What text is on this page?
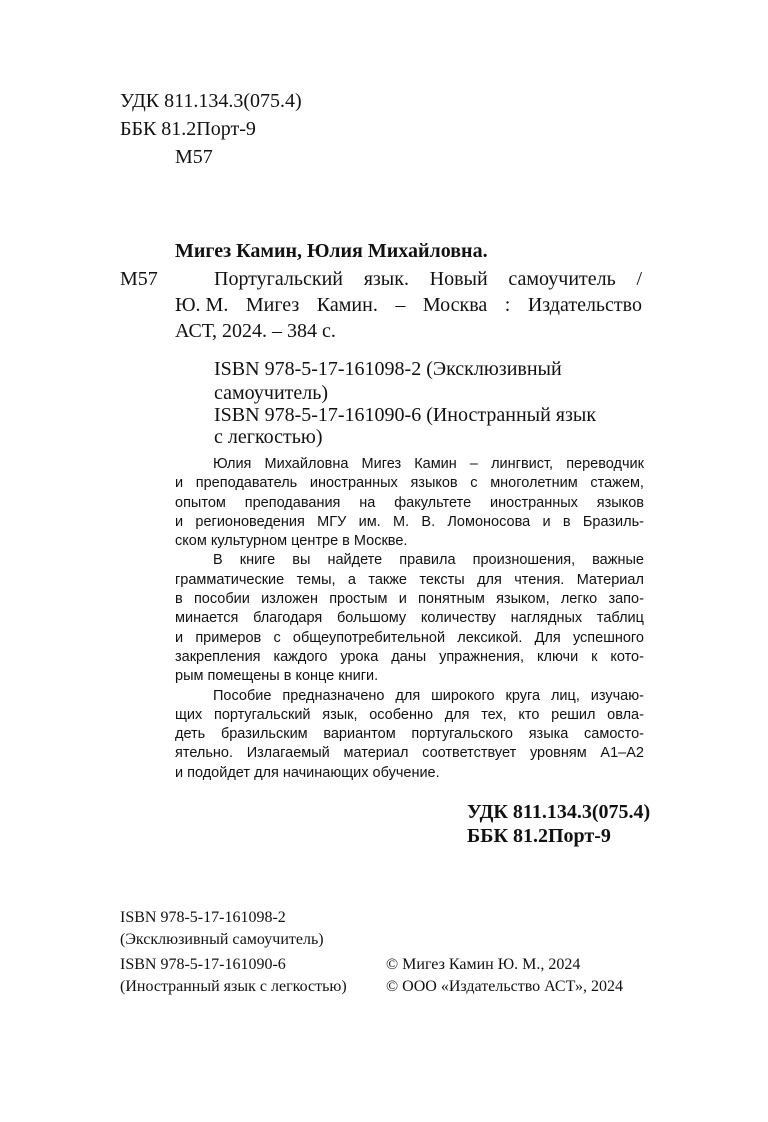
УДК 811.134.3(075.4)

ББК 81.2Порт-9

М57

Мигез Камин, Юлия Михайловна.

М57	Португальский язык. Новый самоучитель /
Ю. М. Мигез Камин. – Москва : Издательство

АСТ, 2024. – 384 с.

ISBN 978-5-17-161098-2 (Эксклюзивный

самоучитель)

ISBN 978-5-17-161090-6 (Иностранный язык

с легкостью)

Юлия Михайловна Мигез Камин – лингвист, переводчик
и преподаватель иностранных языков с многолетним стажем,
опытом преподавания на факультете иностранных языков
и регионоведения МГУ им. М. В. Ломоносова и в Бразиль-
ском культурном центре в Москве.
В книге вы найдете правила произношения, важные
грамматические темы, а также тексты для чтения. Материал
в пособии изложен простым и понятным языком, легко запо-
минается благодаря большому количеству наглядных таблиц
и примеров с общеупотребительной лексикой. Для успешного
закрепления каждого урока даны упражнения, ключи к кото-
рым помещены в конце книги.
Пособие предназначено для широкого круга лиц, изучаю-
щих португальский язык, особенно для тех, кто решил овла-
деть бразильским вариантом португальского языка самосто-
ятельно. Излагаемый материал соответствует уровням A1–A2
и подойдет для начинающих обучение.

УДК 811.134.3(075.4)

ББК 81.2Порт-9

ISBN 978-5-17-161098-2

(Эксклюзивный самоучитель)

ISBN 978-5-17-161090-6

(Иностранный язык с легкостью)

© Мигез Камин Ю. М., 2024

© ООО «Издательство АСТ», 2024
